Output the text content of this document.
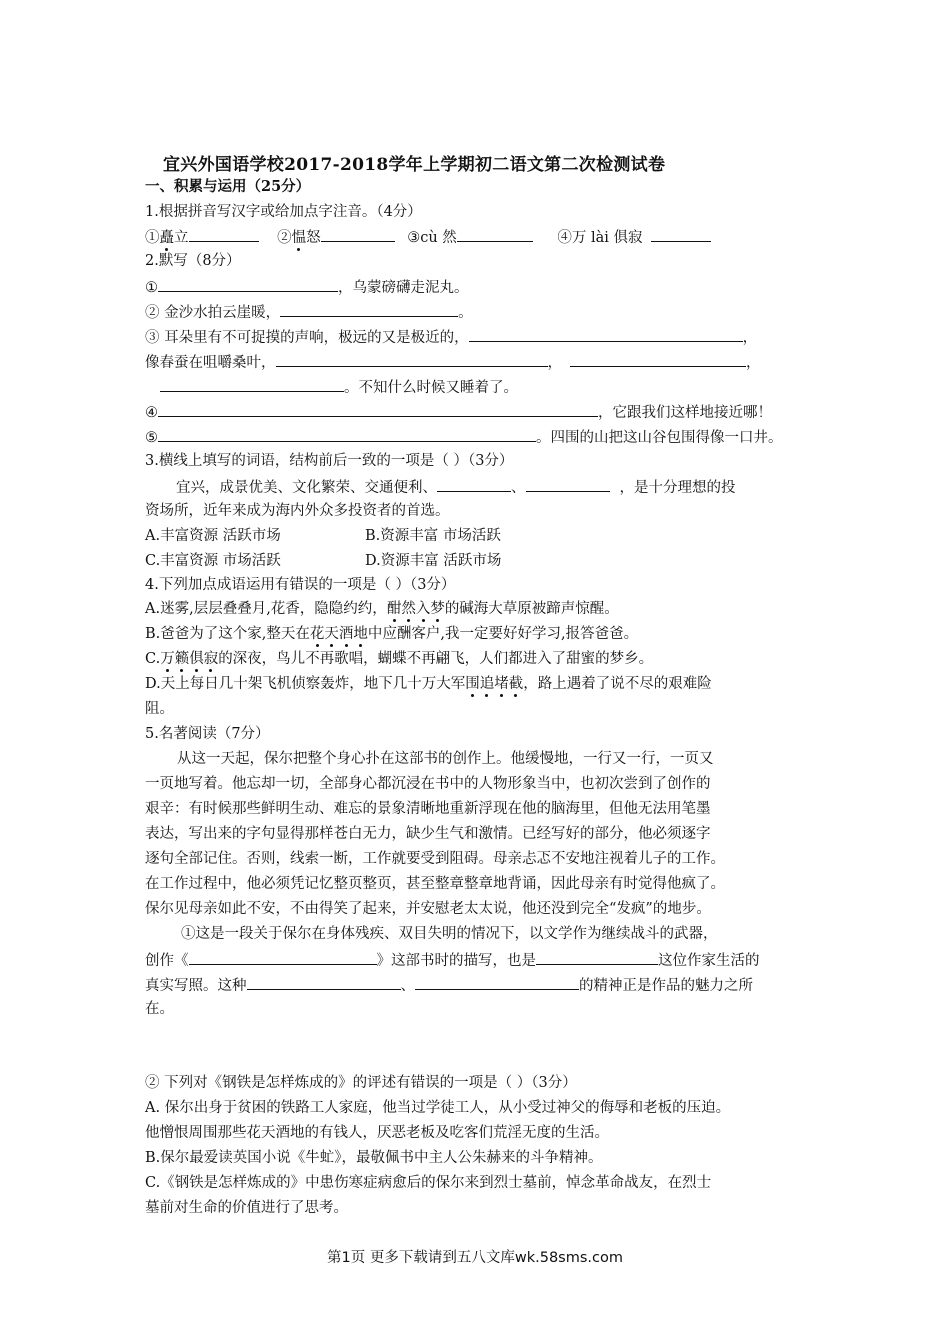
宜兴外国语学校2017-2018学年上学期初二语文第二次检测试卷
一、积累与运用（25分）
1.根据拼音写汉字或给加点字注音。（4分）
①矗立	②愠怒	③cù 然	④万 lài 俱寂
2.默写（8分）
①	，乌蒙磅礴走泥丸。
② 金沙水拍云崖暖，	。
③ 耳朵里有不可捉摸的声响，极远的又是极近的，	，
像春蚕在咀嚼桑叶，	，	，
。不知什么时候又睡着了。
④	，它跟我们这样地接近哪！
⑤	。四围的山把这山谷包围得像一口井。
3.横线上填写的词语，结构前后一致的一项是（ ）（3分）
宜兴，成景优美、文化繁荣、交通便利、	、	，是十分理想的投
资场所，近年来成为海内外众多投资者的首选。
A.丰富资源 活跃市场	B.资源丰富 市场活跃
C.丰富资源 市场活跃	D.资源丰富 活跃市场
4.下列加点成语运用有错误的一项是（ ）（3分）
A.迷雾,层层叠叠月,花香，隐隐约约，酣然入梦的碱海大草原被蹄声惊醒。
B.爸爸为了这个家,整天在花天酒地中应酬客户,我一定要好好学习,报答爸爸。
C.万籁俱寂的深夜，鸟儿不再歌唱，蝴蝶不再翩飞，人们都进入了甜蜜的梦乡。
D.天上每日几十架飞机侦察轰炸，地下几十万大军围追堵截，路上遇着了说不尽的艰难险
阻。
5.名著阅读（7分）
从这一天起，保尔把整个身心扑在这部书的创作上。他缓慢地，一行又一行，一页又
一页地写着。他忘却一切，全部身心都沉浸在书中的人物形象当中，也初次尝到了创作的
艰辛：有时候那些鲜明生动、难忘的景象清晰地重新浮现在他的脑海里，但他无法用笔墨
表达，写出来的字句显得那样苍白无力，缺少生气和激情。已经写好的部分，他必须逐字
逐句全部记住。否则，线索一断，工作就要受到阻碍。母亲忐忑不安地注视着儿子的工作。
在工作过程中，他必须凭记忆整页整页，甚至整章整章地背诵，因此母亲有时觉得他疯了。
保尔见母亲如此不安，不由得笑了起来，并安慰老太太说，他还没到完全“发疯”的地步。
①这是一段关于保尔在身体残疾、双目失明的情况下，以文学作为继续战斗的武器，
创作《	》这部书时的描写，也是	这位作家生活的
真实写照。这种	、	的精神正是作品的魅力之所
在。
② 下列对《钢铁是怎样炼成的》的评述有错误的一项是（ ）（3分）
A. 保尔出身于贫困的铁路工人家庭，他当过学徒工人，从小受过神父的侮辱和老板的压迫。
他憎恨周围那些花天酒地的有钱人，厌恶老板及吃客们荒淫无度的生活。
B.保尔最爱读英国小说《牛虻》，最敬佩书中主人公朱赫来的斗争精神。
C.《钢铁是怎样炼成的》中患伤寒症病愈后的保尔来到烈士墓前，悼念革命战友，在烈士
墓前对生命的价值进行了思考。
第1页 更多下载请到五八文库wk.58sms.com
